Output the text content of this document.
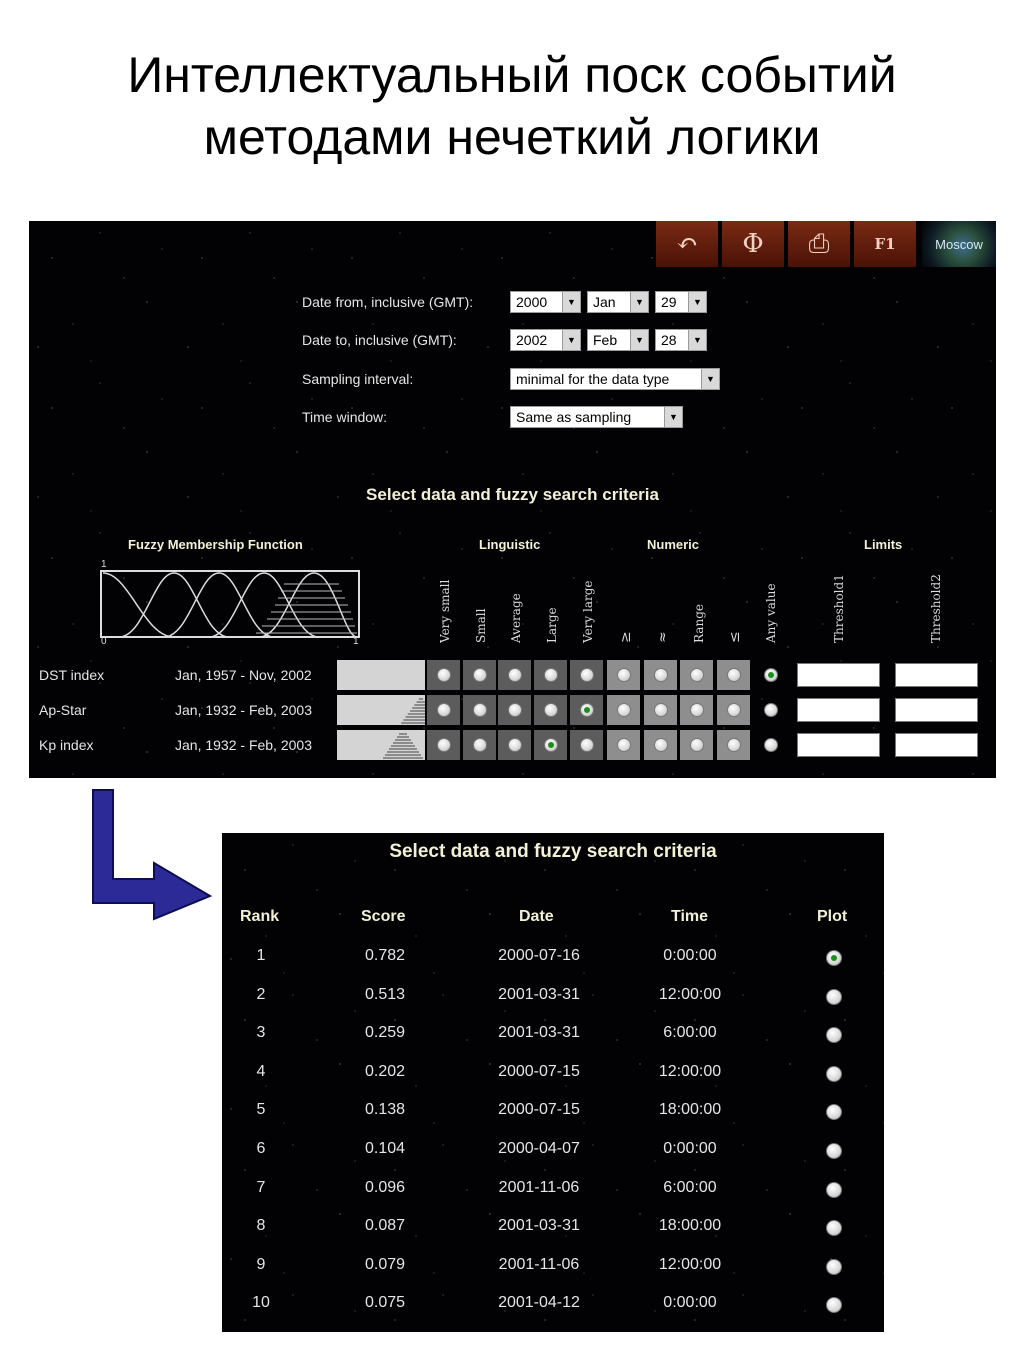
Интеллектуальный поск событий
методами нечеткий логики
↶ Φ ⎙	F1	Moscow
Date from, inclusive (GMT):	2000	▼ Jan	▼ 29	▼
Date to, inclusive (GMT):	2002	▼ Feb	▼ 28	▼
Sampling interval:	minimal for the data type	▼
Time window:	Same as sampling	▼
Select data and fuzzy search criteria
Fuzzy Membership Function	Linguistic	Numeric	Limits
1
0	1	Very small	Small	Average	Large	Very large	≥	≈	Range	≤	Any value	Threshold1	Threshold2
DST index	Jan, 1957 - Nov, 2002
Ap-Star	Jan, 1932 - Feb, 2003
Kp index	Jan, 1932 - Feb, 2003
Select data and fuzzy search criteria
Rank	Score	Date	Time	Plot
1	0.782	2000-07-16	0:00:00
2	0.513	2001-03-31	12:00:00
3	0.259	2001-03-31	6:00:00
4	0.202	2000-07-15	12:00:00
5	0.138	2000-07-15	18:00:00
6	0.104	2000-04-07	0:00:00
7	0.096	2001-11-06	6:00:00
8	0.087	2001-03-31	18:00:00
9	0.079	2001-11-06	12:00:00
10	0.075	2001-04-12	0:00:00
